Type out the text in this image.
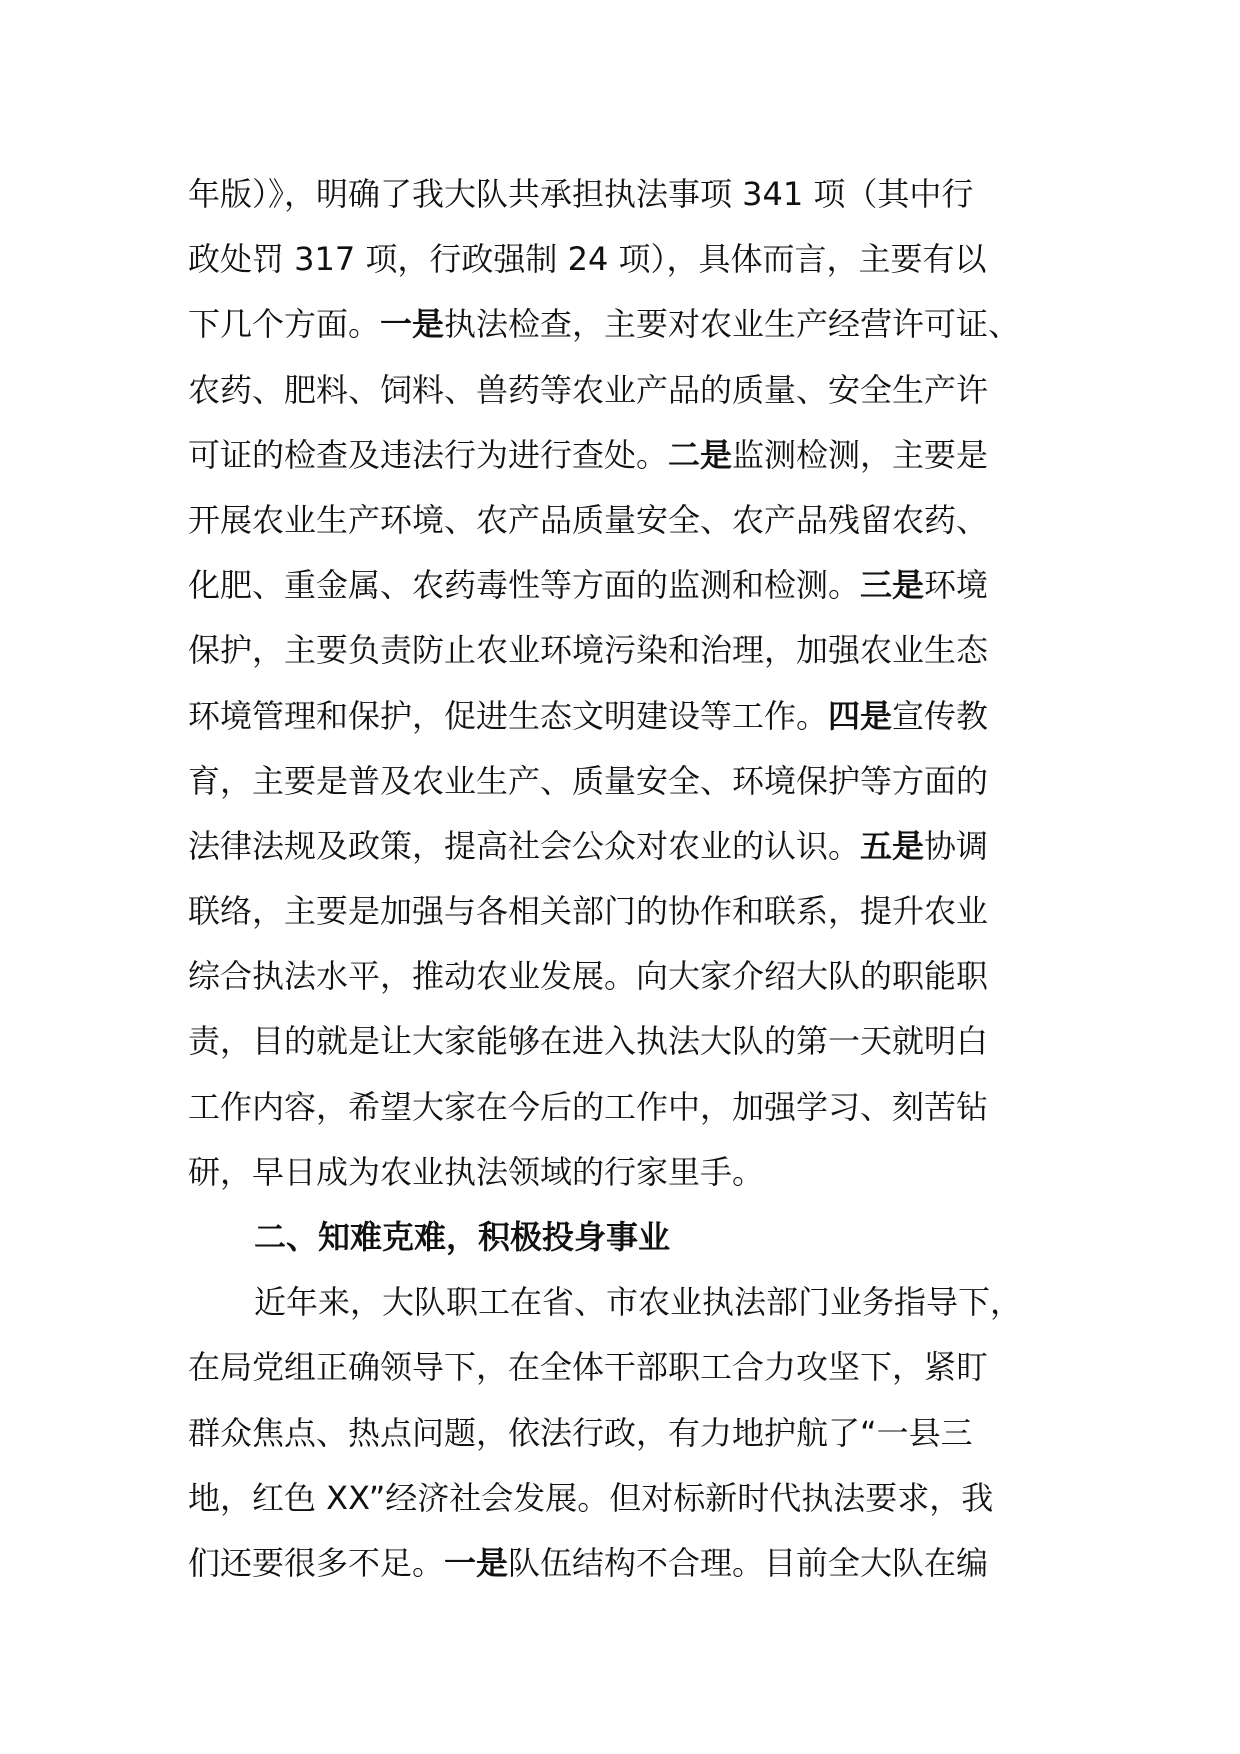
年版）》，明确了我大队共承担执法事项 341 项（其中行
政处罚 317 项，行政强制 24 项），具体而言，主要有以
下几个方面。一是执法检查，主要对农业生产经营许可证、
农药、肥料、饲料、兽药等农业产品的质量、安全生产许
可证的检查及违法行为进行查处。二是监测检测，主要是
开展农业生产环境、农产品质量安全、农产品残留农药、
化肥、重金属、农药毒性等方面的监测和检测。三是环境
保护，主要负责防止农业环境污染和治理，加强农业生态
环境管理和保护，促进生态文明建设等工作。四是宣传教
育，主要是普及农业生产、质量安全、环境保护等方面的
法律法规及政策，提高社会公众对农业的认识。五是协调
联络，主要是加强与各相关部门的协作和联系，提升农业
综合执法水平，推动农业发展。向大家介绍大队的职能职
责，目的就是让大家能够在进入执法大队的第一天就明白
工作内容，希望大家在今后的工作中，加强学习、刻苦钻
研，早日成为农业执法领域的行家里手。
二、知难克难，积极投身事业
近年来，大队职工在省、市农业执法部门业务指导下，
在局党组正确领导下，在全体干部职工合力攻坚下，紧盯
群众焦点、热点问题，依法行政，有力地护航了“一县三
地，红色 XX”经济社会发展。但对标新时代执法要求，我
们还要很多不足。一是队伍结构不合理。目前全大队在编
